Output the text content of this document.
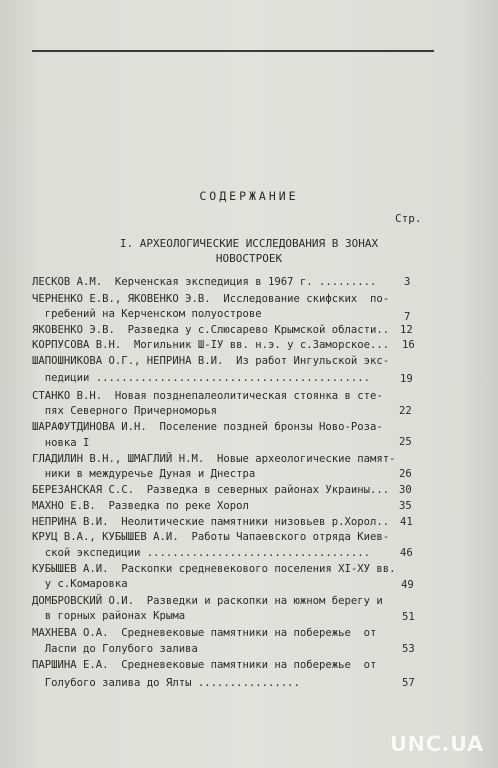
СОДЕРЖАНИЕ
Стр.
I. АРХЕОЛОГИЧЕСКИЕ ИССЛЕДОВАНИЯ В ЗОНАХ
НОВОСТРОЕК
ЛЕСКОВ А.М.  Керченская экспедиция в 1967 г. .........	3
ЧЕРНЕНКО Е.В., ЯКОВЕНКО Э.В.  Исследование скифских  по-
гребений на Керченском полуострове	7
ЯКОВЕНКО Э.В.  Разведка у с.Слюсарево Крымской области.. 12
КОРПУСОВА В.Н.  Могильник Ш-IУ вв. н.э. у с.Заморское... 16
ШАПОШНИКОВА О.Г., НЕПРИНА В.И.  Из работ Ингульской экс-
педиции ...........................................	19
СТАНКО В.Н.  Новая позднепалеолитическая стоянка в сте-
пях Северного Причерноморья	22
ШАРАФУТДИНОВА И.Н.  Поселение поздней бронзы Ново-Роза-
новка I	25
ГЛАДИЛИН В.Н., ШМАГЛИЙ Н.М.  Новые археологические памят-
ники в междуречье Дуная и Днестра	26
БЕРЕЗАНСКАЯ С.С.  Разведка в северных районах Украины... 30
МАХНО Е.В.  Разведка по реке Хорол	35
НЕПРИНА В.И.  Неолитические памятники низовьев р.Хорол.. 41
КРУЦ В.А., КУБЫШЕВ А.И.  Работы Чапаевского отряда Киев-
ской экспедиции ...................................	46
КУБЫШЕВ А.И.  Раскопки средневекового поселения XI-ХУ вв.
у с.Комаровка	49
ДОМБРОВСКИЙ О.И.  Разведки и раскопки на южном берегу и
в горных районах Крыма	51
МАХНЕВА О.А.  Средневековые памятники на побережье  от
Ласпи до Голубого залива	53
ПАРШИНА Е.А.  Средневековые памятники на побережье  от
Голубого залива до Ялты ................	57
UNC.UA
